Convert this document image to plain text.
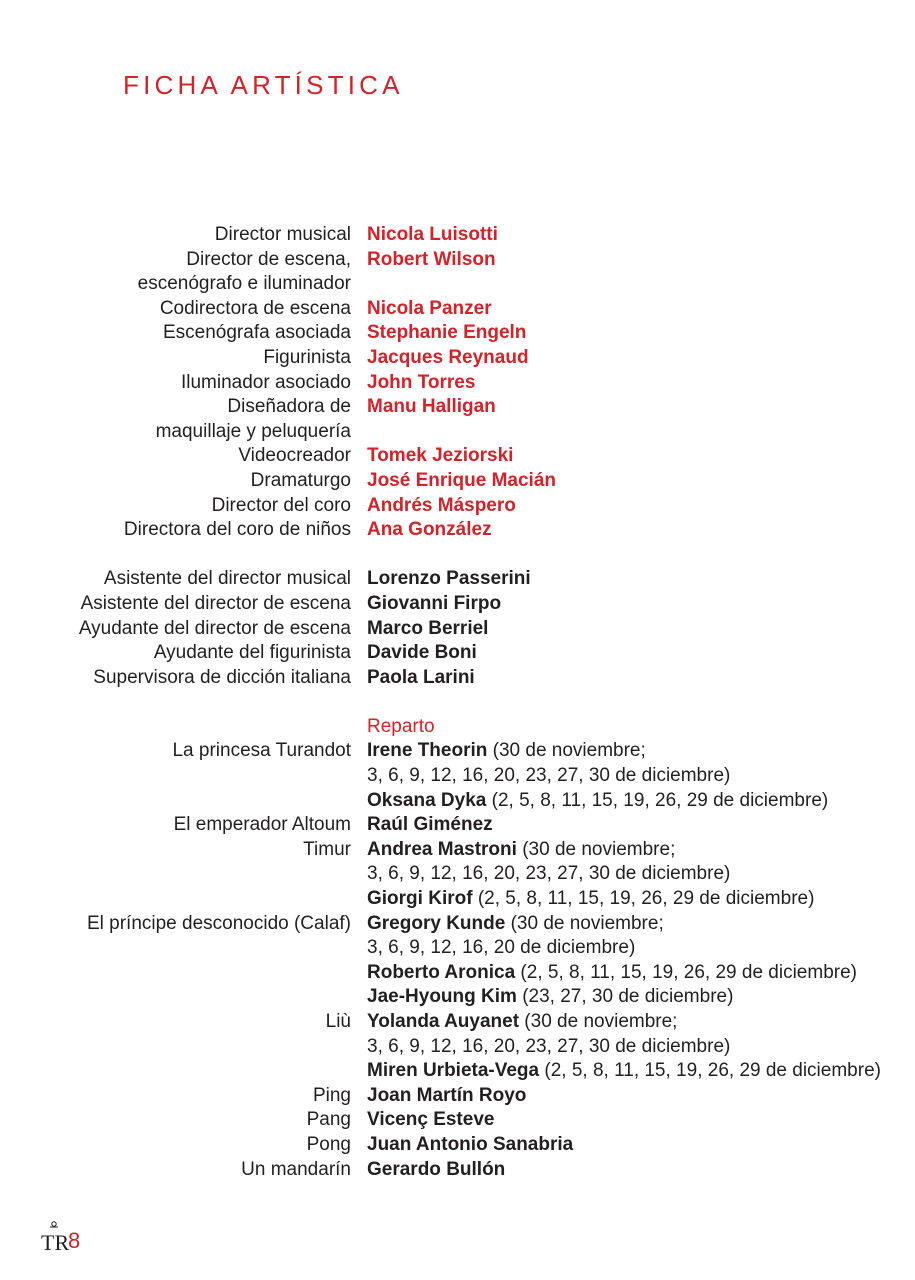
FICHA ARTÍSTICA
Director musical Nicola Luisotti
Director de escena, Robert Wilson
escenógrafo e iluminador
Codirectora de escena Nicola Panzer
Escenógrafa asociada Stephanie Engeln
Figurinista Jacques Reynaud
Iluminador asociado John Torres
Diseñadora de Manu Halligan
maquillaje y peluquería
Videocreador Tomek Jeziorski
Dramaturgo José Enrique Macián
Director del coro Andrés Máspero
Directora del coro de niños Ana González
Asistente del director musical Lorenzo Passerini
Asistente del director de escena Giovanni Firpo
Ayudante del director de escena Marco Berriel
Ayudante del figurinista Davide Boni
Supervisora de dicción italiana Paola Larini
Reparto
La princesa Turandot Irene Theorin (30 de noviembre;
3, 6, 9, 12, 16, 20, 23, 27, 30 de diciembre)
Oksana Dyka (2, 5, 8, 11, 15, 19, 26, 29 de diciembre)
El emperador Altoum Raúl Giménez
Timur Andrea Mastroni (30 de noviembre;
3, 6, 9, 12, 16, 20, 23, 27, 30 de diciembre)
Giorgi Kirof (2, 5, 8, 11, 15, 19, 26, 29 de diciembre)
El príncipe desconocido (Calaf) Gregory Kunde (30 de noviembre;
3, 6, 9, 12, 16, 20 de diciembre)
Roberto Aronica (2, 5, 8, 11, 15, 19, 26, 29 de diciembre)
Jae-Hyoung Kim (23, 27, 30 de diciembre)
Liù Yolanda Auyanet (30 de noviembre;
3, 6, 9, 12, 16, 20, 23, 27, 30 de diciembre)
Miren Urbieta-Vega (2, 5, 8, 11, 15, 19, 26, 29 de diciembre)
Ping Joan Martín Royo
Pang Vicenç Esteve
Pong Juan Antonio Sanabria
Un mandarín Gerardo Bullón
TR
8
